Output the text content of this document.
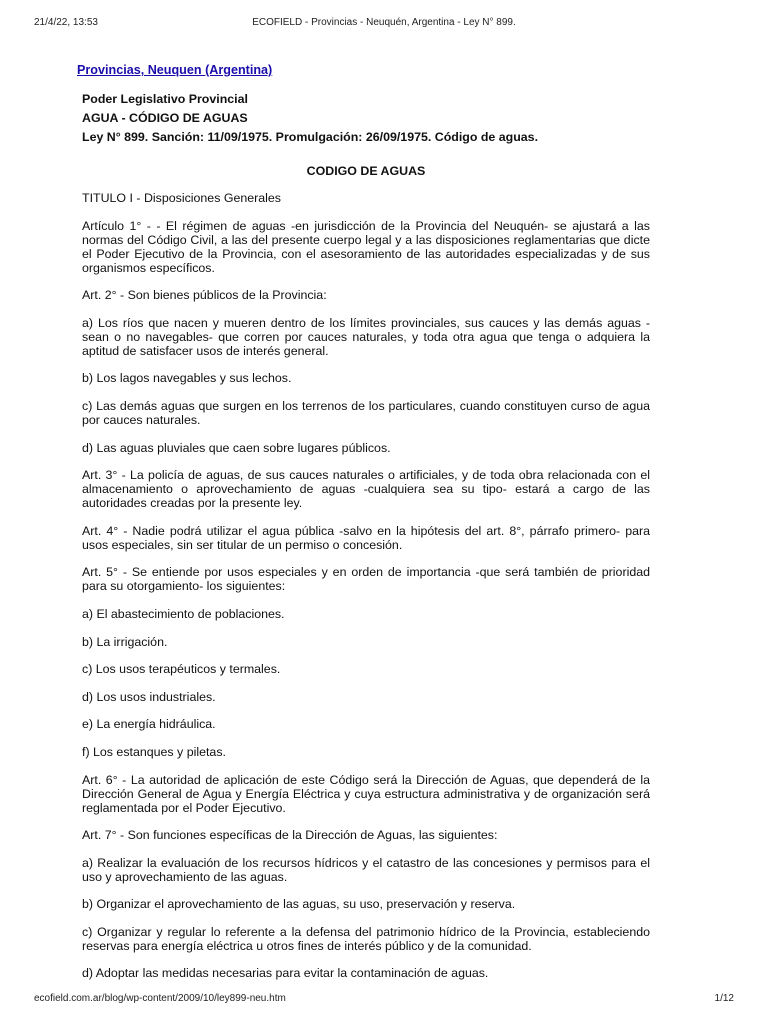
21/4/22, 13:53	ECOFIELD - Provincias - Neuquén, Argentina - Ley N° 899.
Provincias, Neuquen (Argentina)
Poder Legislativo Provincial
AGUA - CÓDIGO DE AGUAS
Ley N° 899. Sanción: 11/09/1975. Promulgación: 26/09/1975. Código de aguas.
CODIGO DE AGUAS
TITULO I - Disposiciones Generales
Artículo 1° - - El régimen de aguas -en jurisdicción de la Provincia del Neuquén- se ajustará a las normas del Código Civil, a las del presente cuerpo legal y a las disposiciones reglamentarias que dicte el Poder Ejecutivo de la Provincia, con el asesoramiento de las autoridades especializadas y de sus organismos específicos.
Art. 2° - Son bienes públicos de la Provincia:
a) Los ríos que nacen y mueren dentro de los límites provinciales, sus cauces y las demás aguas -sean o no navegables- que corren por cauces naturales, y toda otra agua que tenga o adquiera la aptitud de satisfacer usos de interés general.
b) Los lagos navegables y sus lechos.
c) Las demás aguas que surgen en los terrenos de los particulares, cuando constituyen curso de agua por cauces naturales.
d) Las aguas pluviales que caen sobre lugares públicos.
Art. 3° - La policía de aguas, de sus cauces naturales o artificiales, y de toda obra relacionada con el almacenamiento o aprovechamiento de aguas -cualquiera sea su tipo- estará a cargo de las autoridades creadas por la presente ley.
Art. 4° - Nadie podrá utilizar el agua pública -salvo en la hipótesis del art. 8°, párrafo primero- para usos especiales, sin ser titular de un permiso o concesión.
Art. 5° - Se entiende por usos especiales y en orden de importancia -que será también de prioridad para su otorgamiento- los siguientes:
a) El abastecimiento de poblaciones.
b) La irrigación.
c) Los usos terapéuticos y termales.
d) Los usos industriales.
e) La energía hidráulica.
f) Los estanques y piletas.
Art. 6° - La autoridad de aplicación de este Código será la Dirección de Aguas, que dependerá de la Dirección General de Agua y Energía Eléctrica y cuya estructura administrativa y de organización será reglamentada por el Poder Ejecutivo.
Art. 7° - Son funciones específicas de la Dirección de Aguas, las siguientes:
a) Realizar la evaluación de los recursos hídricos y el catastro de las concesiones y permisos para el uso y aprovechamiento de las aguas.
b) Organizar el aprovechamiento de las aguas, su uso, preservación y reserva.
c) Organizar y regular lo referente a la defensa del patrimonio hídrico de la Provincia, estableciendo reservas para energía eléctrica u otros fines de interés público y de la comunidad.
d) Adoptar las medidas necesarias para evitar la contaminación de aguas.
ecofield.com.ar/blog/wp-content/2009/10/ley899-neu.htm	1/12
